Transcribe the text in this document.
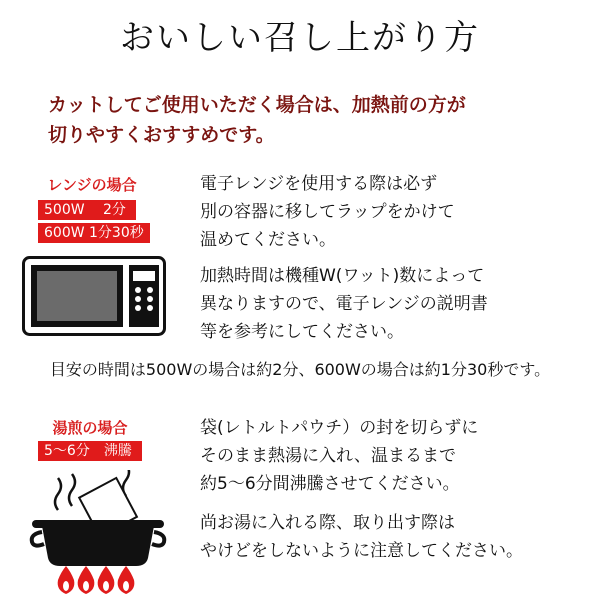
おいしい召し上がり方
カットしてご使用いただく場合は、加熱前の方が
切りやすくおすすめです。
レンジの場合
500W　 2分
600W 1分30秒
電子レンジを使用する際は必ず
別の容器に移してラップをかけて
温めてください。
加熱時間は機種W(ワット)数によって
異なりますので、電子レンジの説明書
等を参考にしてください。
目安の時間は500Wの場合は約2分、600Wの場合は約1分30秒です。
湯煎の場合
5〜6分　沸騰
袋(レトルトパウチ）の封を切らずに
そのまま熱湯に入れ、温まるまで
約5〜6分間沸騰させてください。
尚お湯に入れる際、取り出す際は
やけどをしないように注意してください。
